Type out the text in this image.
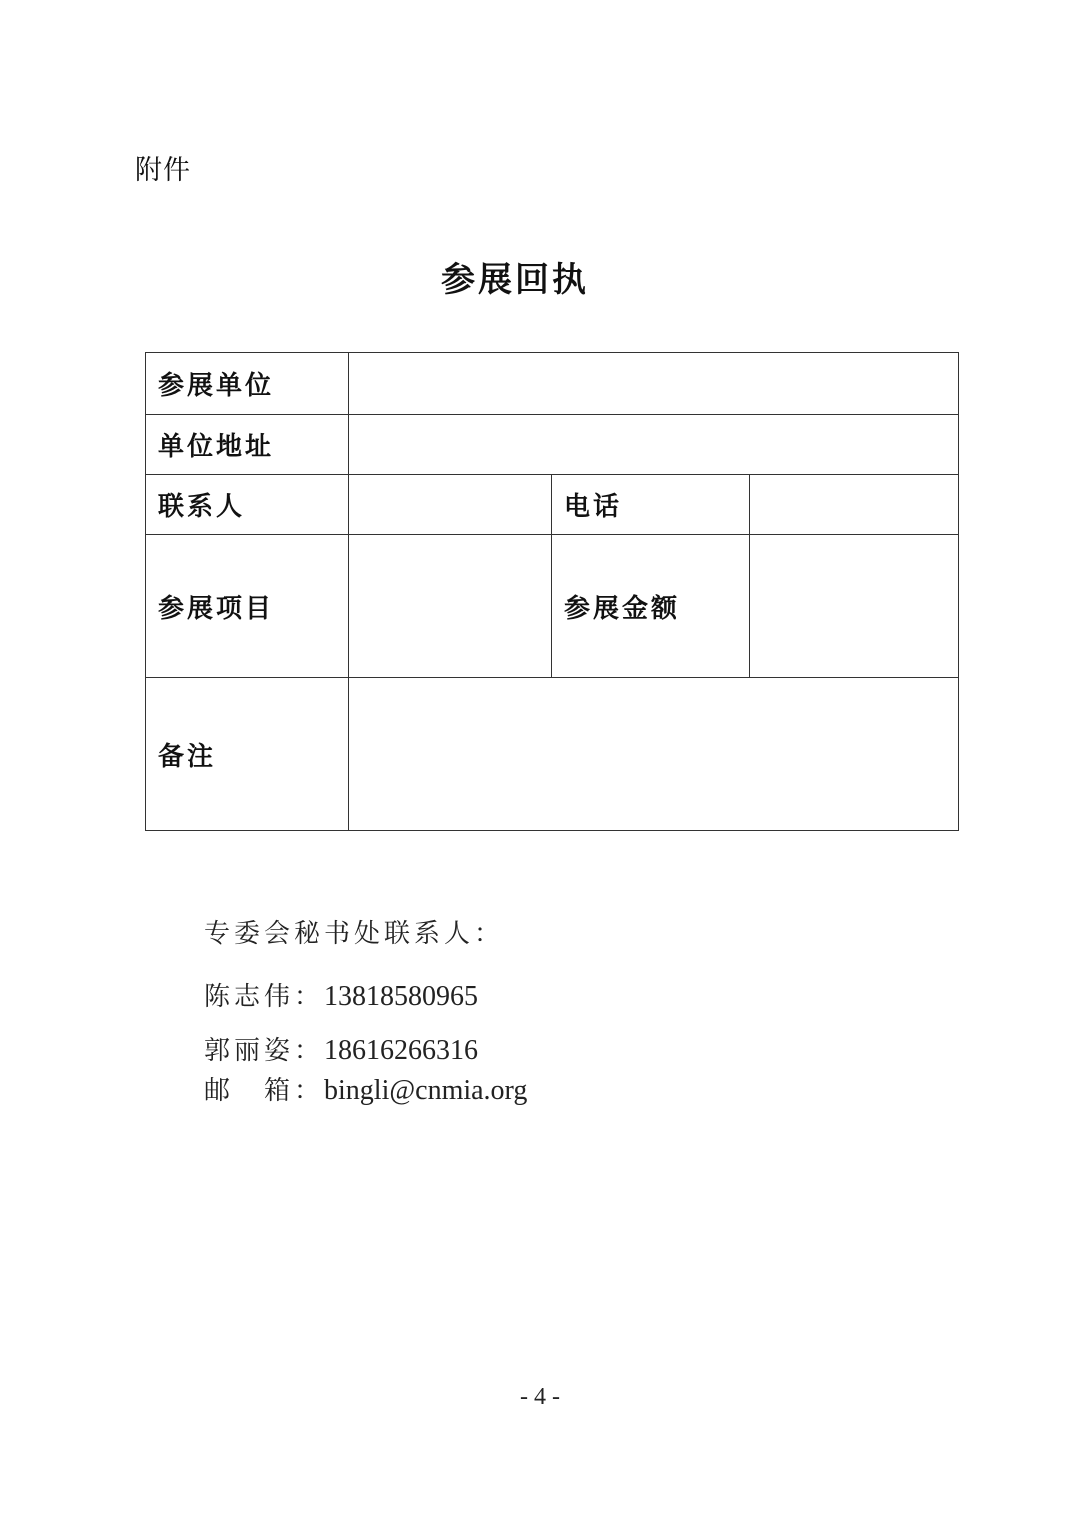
附件
参展回执
参展单位			
单位地址			
联系人		电话	
参展项目		参展金额	
备注			
专委会秘书处联系人：
陈志伟：13818580965
郭丽姿：18616266316
邮　箱：bingli@cnmia.org
- 4 -
